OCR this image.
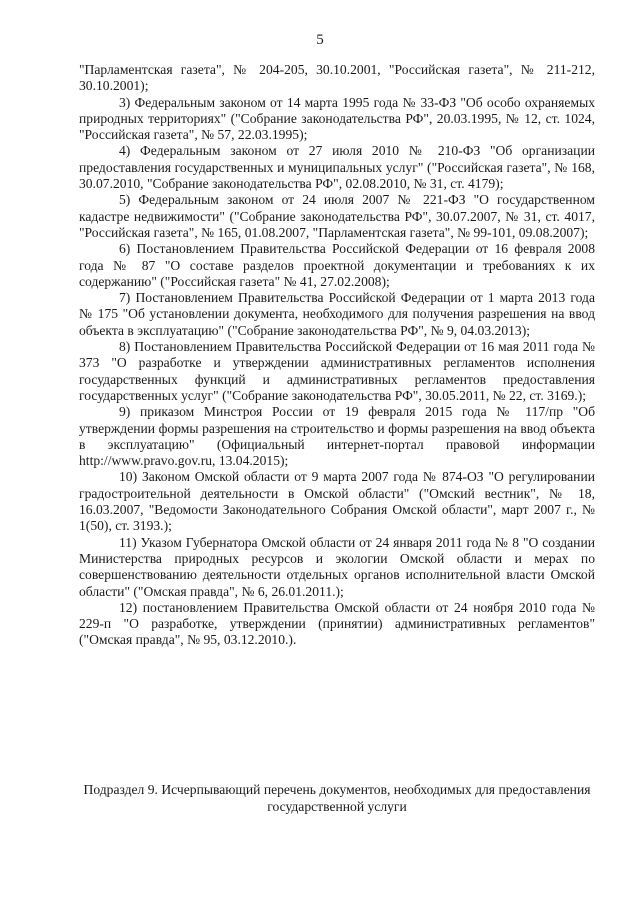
5

"Парламентская газета", № 204-205, 30.10.2001, "Российская газета", № 211-212, 30.10.2001);

3) Федеральным законом от 14 марта 1995 года № 33-ФЗ "Об особо охраняемых природных территориях" ("Собрание законодательства РФ", 20.03.1995, № 12, ст. 1024, "Российская газета", № 57, 22.03.1995);

4) Федеральным законом от 27 июля 2010 № 210-ФЗ "Об организации предоставления государственных и муниципальных услуг" ("Российская газета", № 168, 30.07.2010, "Собрание законодательства РФ", 02.08.2010, № 31, ст. 4179);

5) Федеральным законом от 24 июля 2007 № 221-ФЗ "О государственном кадастре недвижимости" ("Собрание законодательства РФ", 30.07.2007, № 31, ст. 4017, "Российская газета", № 165, 01.08.2007, "Парламентская газета", № 99-101, 09.08.2007);

6) Постановлением Правительства Российской Федерации от 16 февраля 2008 года № 87 "О составе разделов проектной документации и требованиях к их содержанию" ("Российская газета" № 41, 27.02.2008);

7) Постановлением Правительства Российской Федерации от 1 марта 2013 года № 175 "Об установлении документа, необходимого для получения разрешения на ввод объекта в эксплуатацию" ("Собрание законодательства РФ", № 9, 04.03.2013);

8) Постановлением Правительства Российской Федерации от 16 мая 2011 года № 373 "О разработке и утверждении административных регламентов исполнения государственных функций и административных регламентов предоставления государственных услуг" ("Собрание законодательства РФ", 30.05.2011, № 22, ст. 3169.);

9) приказом Минстроя России от 19 февраля 2015 года № 117/пр "Об утверждении формы разрешения на строительство и формы разрешения на ввод объекта в эксплуатацию" (Официальный интернет-портал правовой информации http://www.pravo.gov.ru, 13.04.2015);

10) Законом Омской области от 9 марта 2007 года № 874-ОЗ "О регулировании градостроительной деятельности в Омской области" ("Омский вестник", № 18, 16.03.2007, "Ведомости Законодательного Собрания Омской области", март 2007 г., № 1(50), ст. 3193.);

11) Указом Губернатора Омской области от 24 января 2011 года № 8 "О создании Министерства природных ресурсов и экологии Омской области и мерах по совершенствованию деятельности отдельных органов исполнительной власти Омской области" ("Омская правда", № 6, 26.01.2011.);

12) постановлением Правительства Омской области от 24 ноября 2010 года № 229-п "О разработке, утверждении (принятии) административных регламентов" ("Омская правда", № 95, 03.12.2010.).

Подраздел 9. Исчерпывающий перечень документов, необходимых для предоставления государственной услуги
